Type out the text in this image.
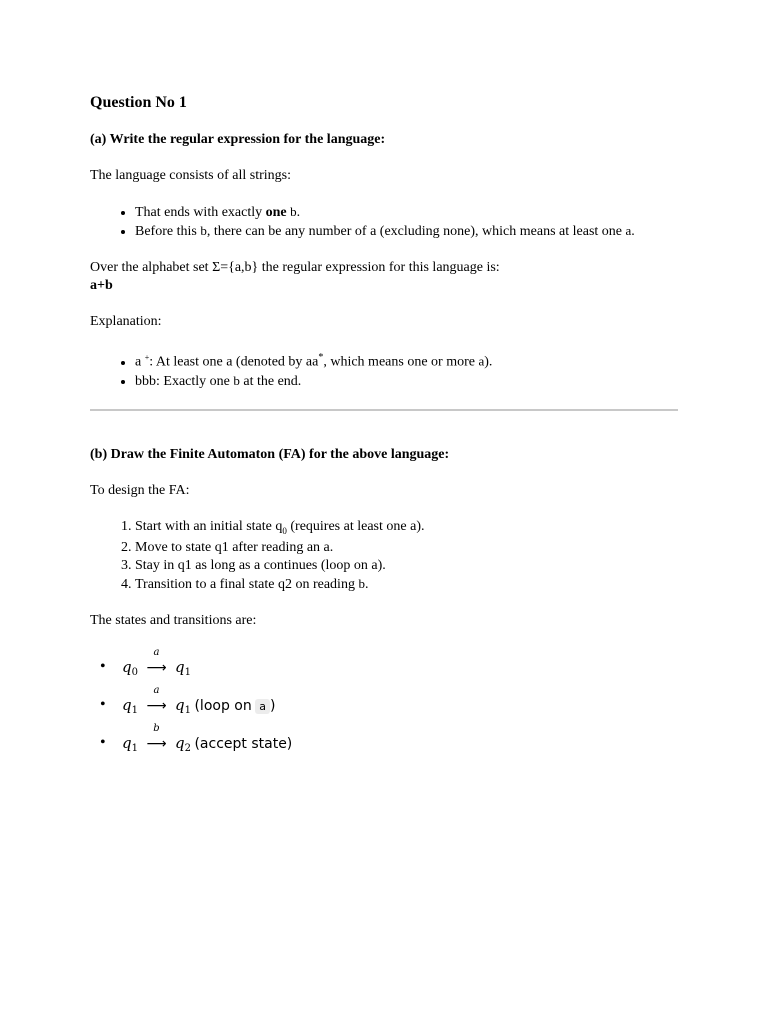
Question No 1
(a) Write the regular expression for the language:

The language consists of all strings:

• That ends with exactly one b.
• Before this b, there can be any number of a (excluding none), which means at least one a.

Over the alphabet set Σ={a,b} the regular expression for this language is:

a+b

Explanation:

• a +: At least one a (denoted by aa*, which means one or more a).
• bbb: Exactly one b at the end.
(b) Draw the Finite Automaton (FA) for the above language:

To design the FA:

1. Start with an initial state $q_0$ (requires at least one a).
2. Move to state q1 after reading an a.
3. Stay in q1 as long as a continues (loop on a).
4. Transition to a final state q2 on reading b.

The states and transitions are:

• $q_0$
a
⟶ $q_1$
• $q_1$
a
⟶ $q_1$ (loop on a )
• $q_1$
b
⟶ $q_2$ (accept state)
